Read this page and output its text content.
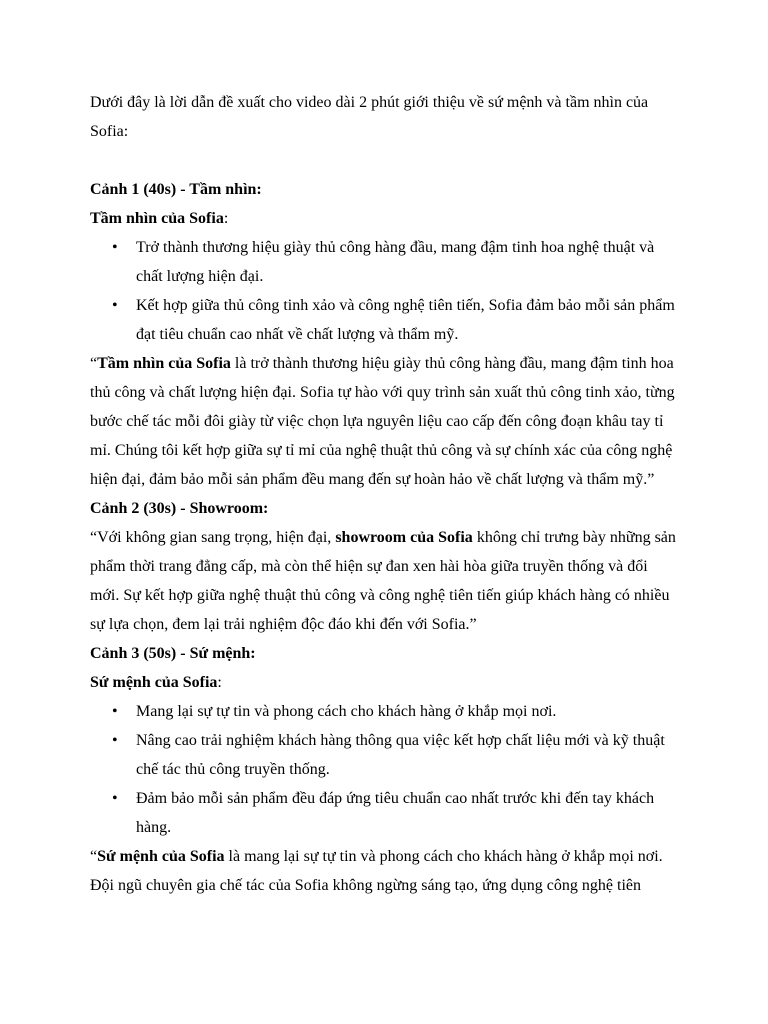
Dưới đây là lời dẫn đề xuất cho video dài 2 phút giới thiệu về sứ mệnh và tầm nhìn của Sofia:

Cảnh 1 (40s) - Tầm nhìn:

Tầm nhìn của Sofia:

• Trở thành thương hiệu giày thủ công hàng đầu, mang đậm tinh hoa nghệ thuật và chất lượng hiện đại.
• Kết hợp giữa thủ công tinh xảo và công nghệ tiên tiến, Sofia đảm bảo mỗi sản phẩm đạt tiêu chuẩn cao nhất về chất lượng và thẩm mỹ.

“Tầm nhìn của Sofia là trở thành thương hiệu giày thủ công hàng đầu, mang đậm tinh hoa thủ công và chất lượng hiện đại. Sofia tự hào với quy trình sản xuất thủ công tinh xảo, từng bước chế tác mỗi đôi giày từ việc chọn lựa nguyên liệu cao cấp đến công đoạn khâu tay tỉ mỉ. Chúng tôi kết hợp giữa sự tỉ mỉ của nghệ thuật thủ công và sự chính xác của công nghệ hiện đại, đảm bảo mỗi sản phẩm đều mang đến sự hoàn hảo về chất lượng và thẩm mỹ.”

Cảnh 2 (30s) - Showroom:

“Với không gian sang trọng, hiện đại, showroom của Sofia không chỉ trưng bày những sản phẩm thời trang đẳng cấp, mà còn thể hiện sự đan xen hài hòa giữa truyền thống và đổi mới. Sự kết hợp giữa nghệ thuật thủ công và công nghệ tiên tiến giúp khách hàng có nhiều sự lựa chọn, đem lại trải nghiệm độc đáo khi đến với Sofia.”

Cảnh 3 (50s) - Sứ mệnh:

Sứ mệnh của Sofia:

• Mang lại sự tự tin và phong cách cho khách hàng ở khắp mọi nơi.
• Nâng cao trải nghiệm khách hàng thông qua việc kết hợp chất liệu mới và kỹ thuật chế tác thủ công truyền thống.
• Đảm bảo mỗi sản phẩm đều đáp ứng tiêu chuẩn cao nhất trước khi đến tay khách hàng.

“Sứ mệnh của Sofia là mang lại sự tự tin và phong cách cho khách hàng ở khắp mọi nơi. Đội ngũ chuyên gia chế tác của Sofia không ngừng sáng tạo, ứng dụng công nghệ tiên
